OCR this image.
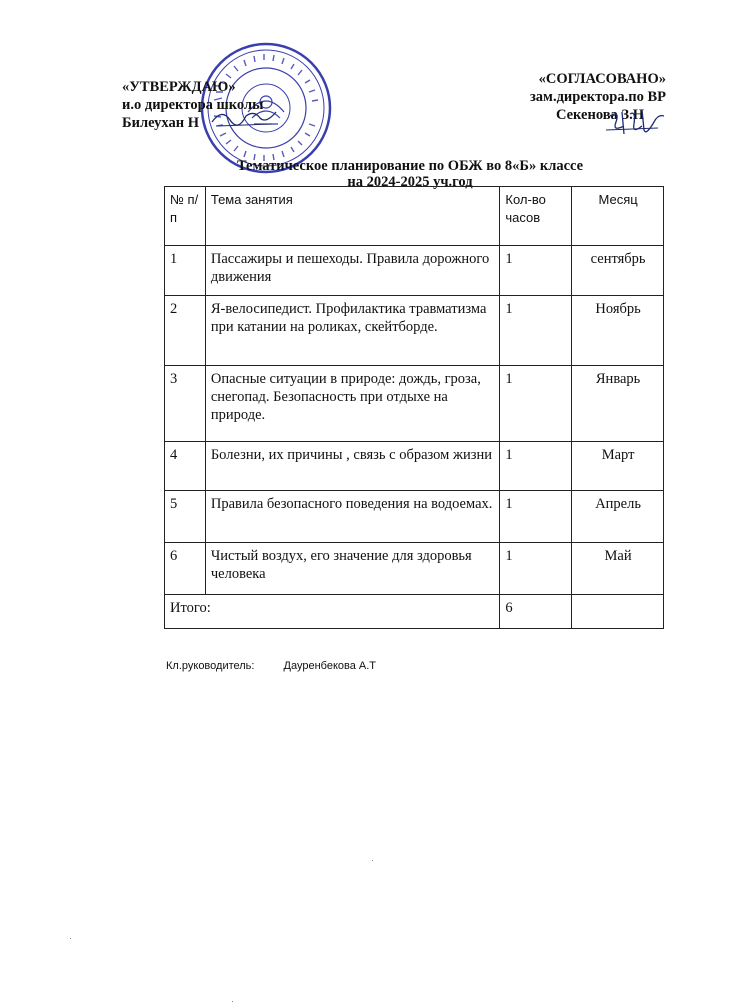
«УТВЕРЖДАЮ»
и.о директора школы
Билеухан Н
«СОГЛАСОВАНО»
зам.директора.по ВР
Секенова З.Н
Тематическое планирование по ОБЖ во 8«Б» классе
на 2024-2025 уч.год
№ п/п	Тема занятия	Кол-во часов	Месяц
1	Пассажиры и пешеходы. Правила дорожного движения	1	сентябрь
2	Я-велосипедист. Профилактика травматизма при катании на роликах, скейтборде.	1	Ноябрь
3	Опасные ситуации в природе: дождь, гроза, снегопад. Безопасность при отдыхе на природе.	1	Январь
4	Болезни, их причины , связь с образом жизни	1	Март
5	Правила безопасного поведения на водоемах.	1	Апрель
6	Чистый воздух, его значение для здоровья человека	1	Май
Итого:		6	
Кл.руководитель:	Дауренбекова А.Т
